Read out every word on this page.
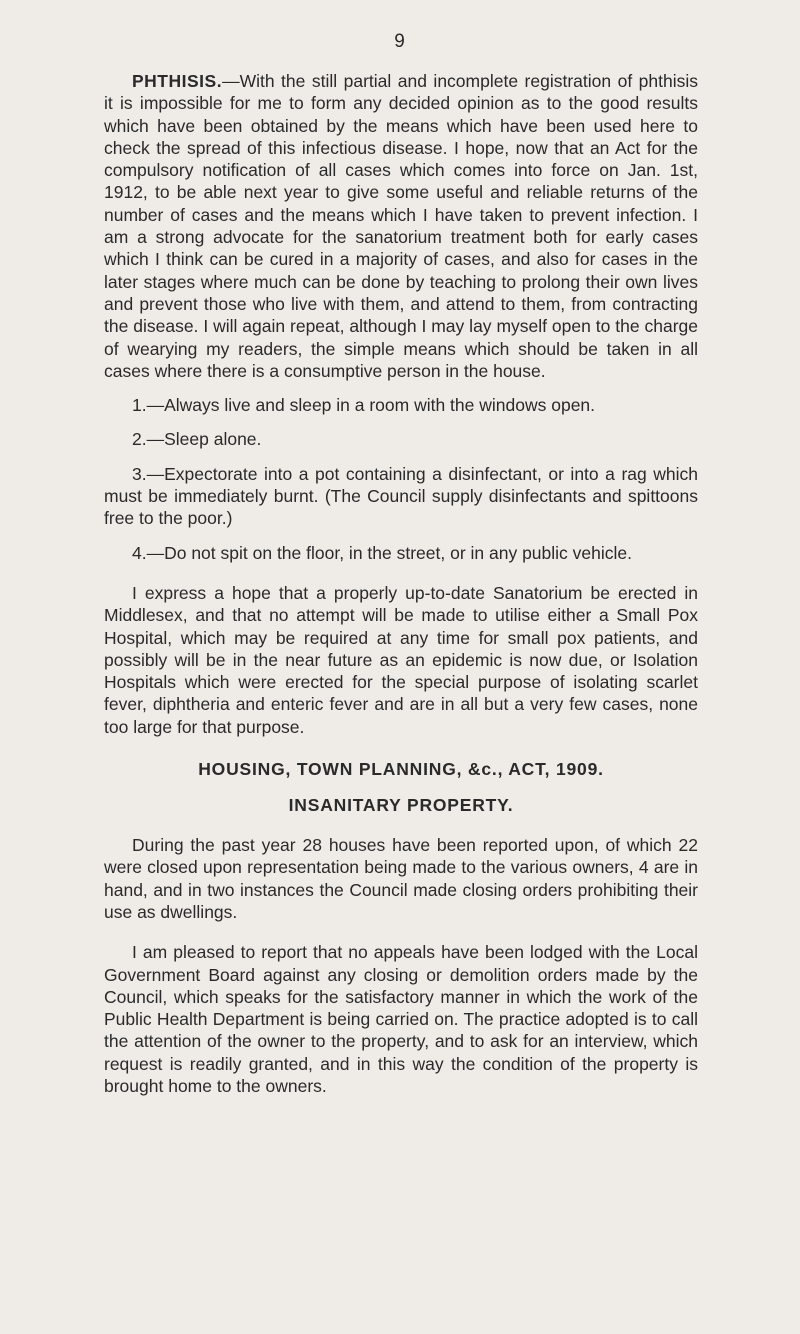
9

PHTHISIS.—With the still partial and incomplete registration of phthisis it is impossible for me to form any decided opinion as to the good results which have been obtained by the means which have been used here to check the spread of this infectious disease. I hope, now that an Act for the compulsory notification of all cases which comes into force on Jan. 1st, 1912, to be able next year to give some useful and reliable returns of the number of cases and the means which I have taken to prevent infection. I am a strong advocate for the sanatorium treatment both for early cases which I think can be cured in a majority of cases, and also for cases in the later stages where much can be done by teaching to prolong their own lives and prevent those who live with them, and attend to them, from contracting the disease. I will again repeat, although I may lay myself open to the charge of wearying my readers, the simple means which should be taken in all cases where there is a consumptive person in the house.

1.—Always live and sleep in a room with the windows open.

2.—Sleep alone.

3.—Expectorate into a pot containing a disinfectant, or into a rag which must be immediately burnt. (The Council supply disinfectants and spittoons free to the poor.)

4.—Do not spit on the floor, in the street, or in any public vehicle.

I express a hope that a properly up-to-date Sanatorium be erected in Middlesex, and that no attempt will be made to utilise either a Small Pox Hospital, which may be required at any time for small pox patients, and possibly will be in the near future as an epidemic is now due, or Isolation Hospitals which were erected for the special purpose of isolating scarlet fever, diphtheria and enteric fever and are in all but a very few cases, none too large for that purpose.

HOUSING, TOWN PLANNING, &c., ACT, 1909.
INSANITARY PROPERTY.

During the past year 28 houses have been reported upon, of which 22 were closed upon representation being made to the various owners, 4 are in hand, and in two instances the Council made closing orders prohibiting their use as dwellings.

I am pleased to report that no appeals have been lodged with the Local Government Board against any closing or demolition orders made by the Council, which speaks for the satisfactory manner in which the work of the Public Health Department is being carried on. The practice adopted is to call the attention of the owner to the property, and to ask for an interview, which request is readily granted, and in this way the condition of the property is brought home to the owners.
